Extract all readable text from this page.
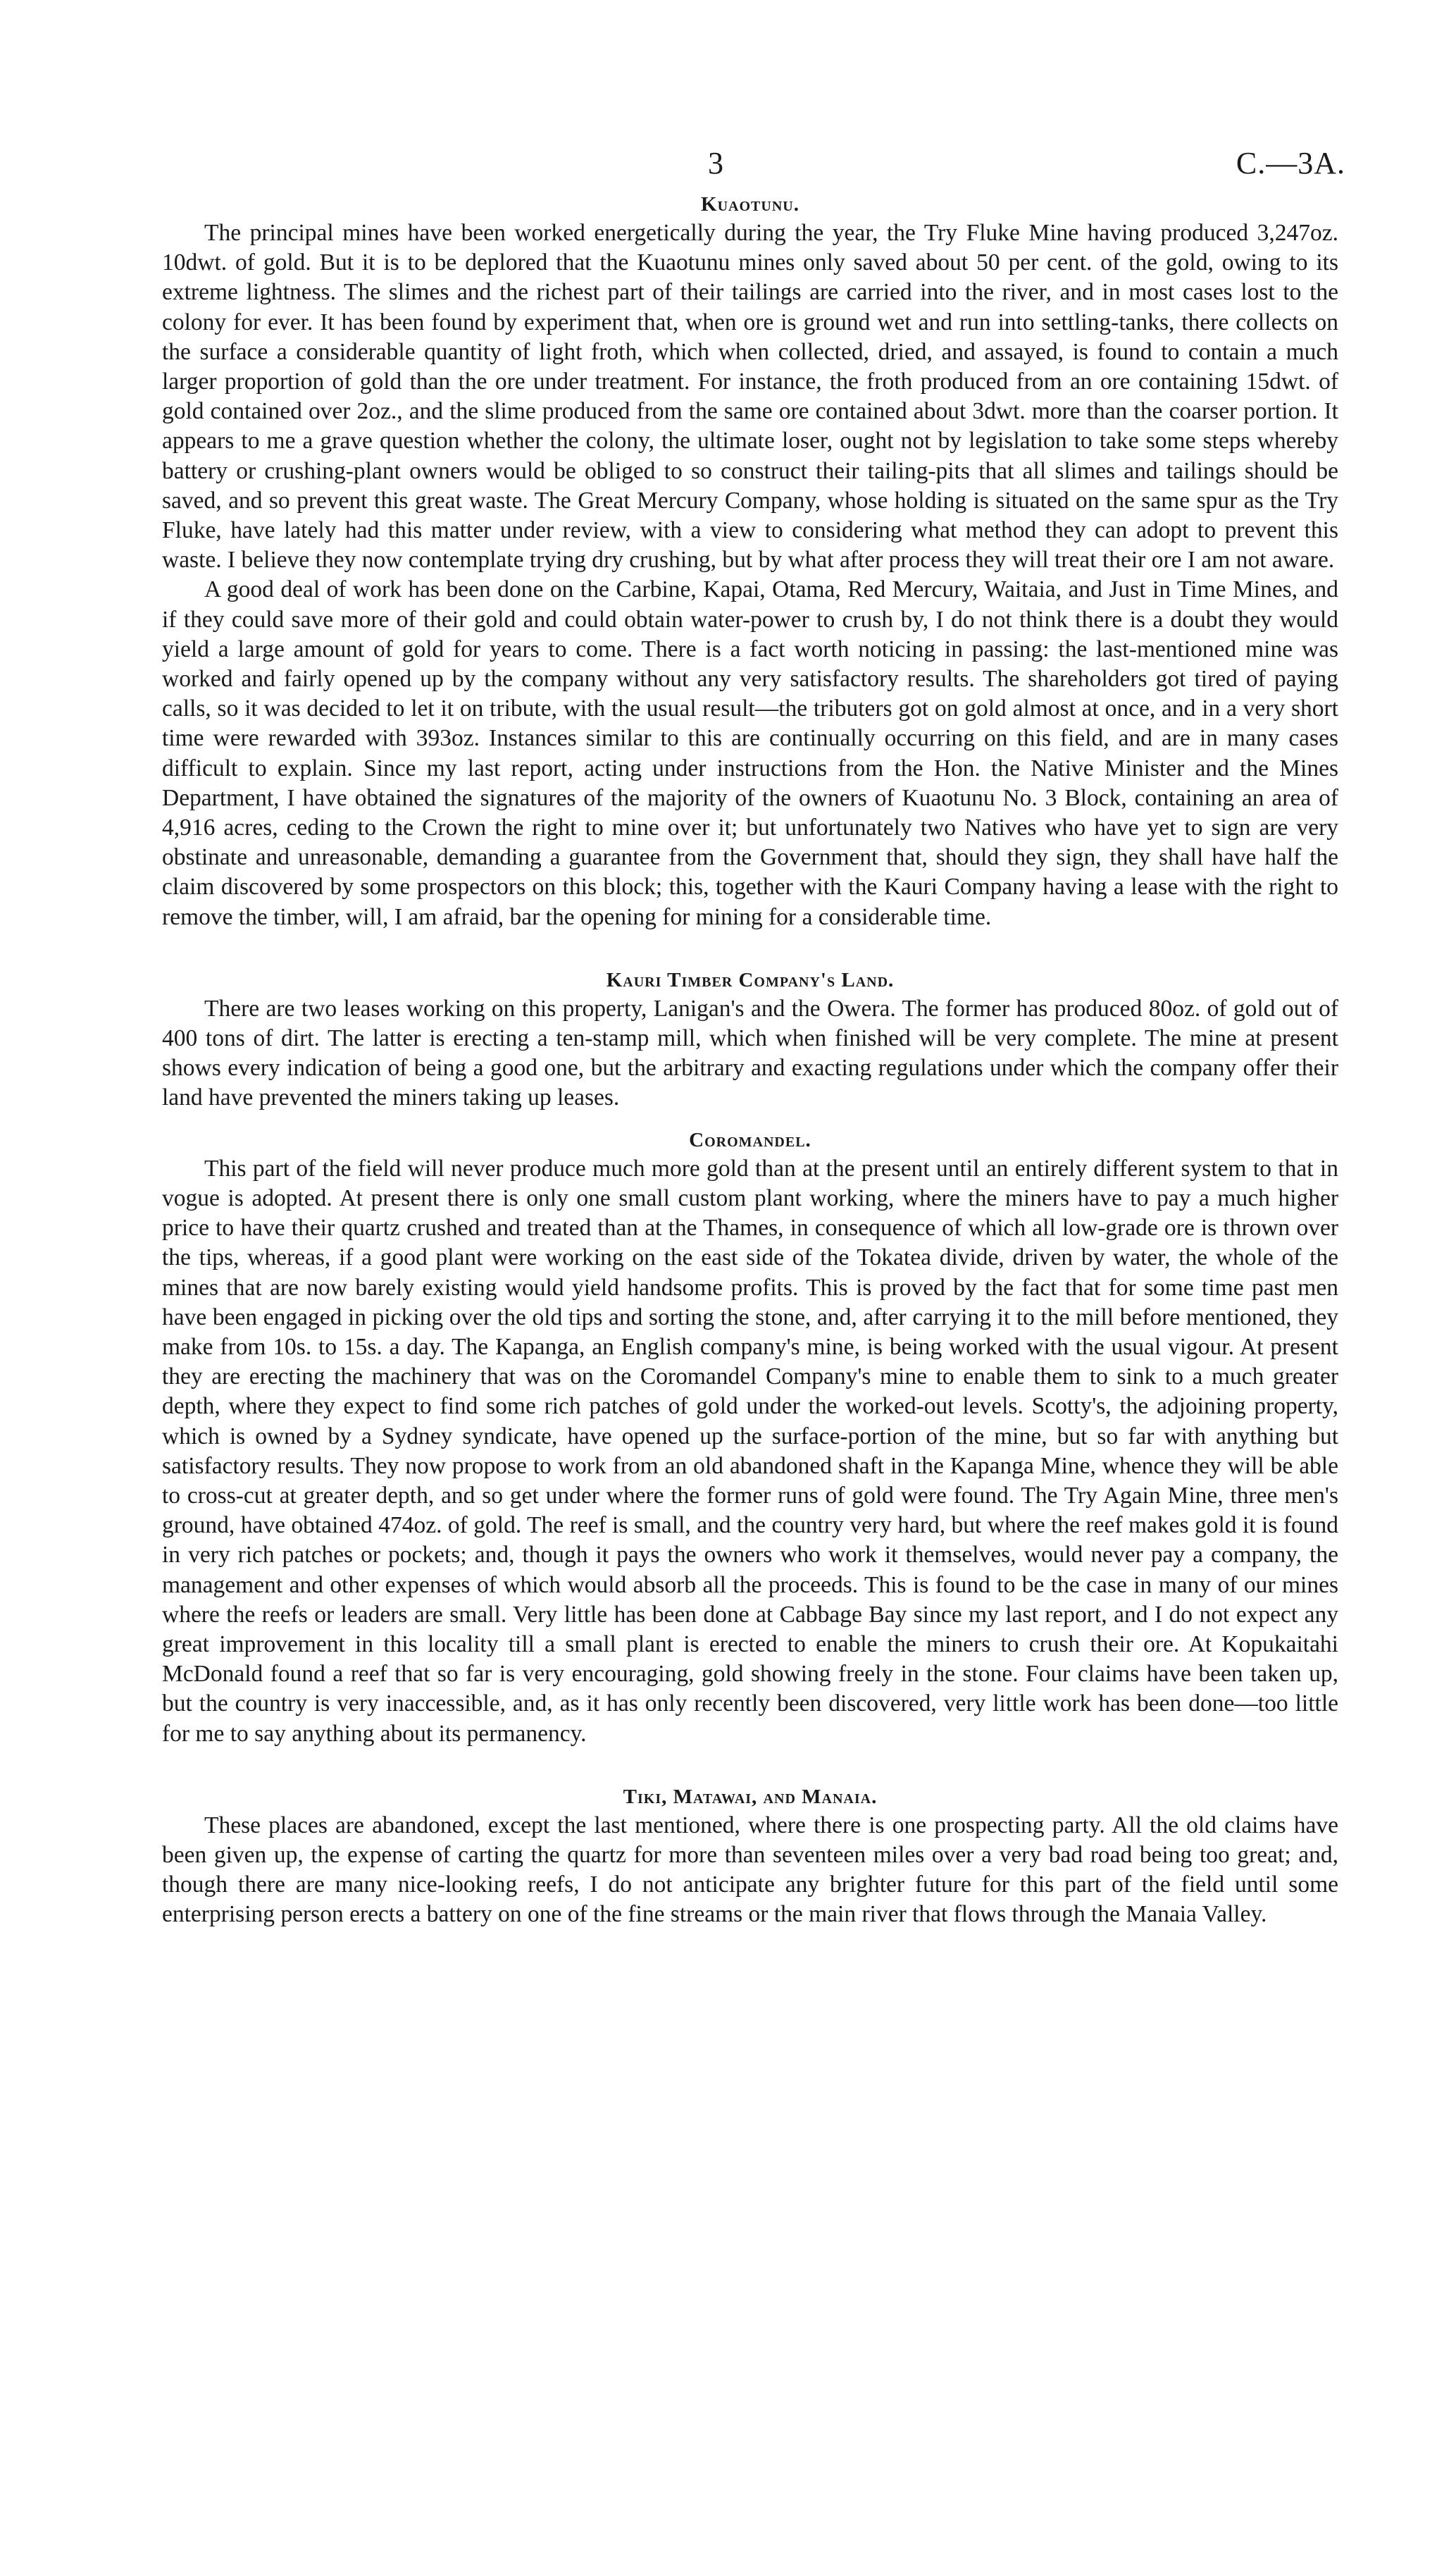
3	C.—3A.
Kuaotunu.

The principal mines have been worked energetically during the year, the Try Fluke Mine having produced 3,247oz. 10dwt. of gold. But it is to be deplored that the Kuaotunu mines only saved about 50 per cent. of the gold, owing to its extreme lightness. The slimes and the richest part of their tailings are carried into the river, and in most cases lost to the colony for ever. It has been found by experiment that, when ore is ground wet and run into settling-tanks, there collects on the surface a considerable quantity of light froth, which when collected, dried, and assayed, is found to contain a much larger proportion of gold than the ore under treatment. For instance, the froth produced from an ore containing 15dwt. of gold contained over 2oz., and the slime produced from the same ore contained about 3dwt. more than the coarser portion. It appears to me a grave question whether the colony, the ultimate loser, ought not by legislation to take some steps whereby battery or crushing-plant owners would be obliged to so construct their tailing-pits that all slimes and tailings should be saved, and so prevent this great waste. The Great Mercury Company, whose holding is situated on the same spur as the Try Fluke, have lately had this matter under review, with a view to considering what method they can adopt to prevent this waste. I believe they now contemplate trying dry crushing, but by what after process they will treat their ore I am not aware.

A good deal of work has been done on the Carbine, Kapai, Otama, Red Mercury, Waitaia, and Just in Time Mines, and if they could save more of their gold and could obtain water-power to crush by, I do not think there is a doubt they would yield a large amount of gold for years to come. There is a fact worth noticing in passing: the last-mentioned mine was worked and fairly opened up by the company without any very satisfactory results. The shareholders got tired of paying calls, so it was decided to let it on tribute, with the usual result—the tributers got on gold almost at once, and in a very short time were rewarded with 393oz. Instances similar to this are continually occurring on this field, and are in many cases difficult to explain. Since my last report, acting under instructions from the Hon. the Native Minister and the Mines Department, I have obtained the signatures of the majority of the owners of Kuaotunu No. 3 Block, containing an area of 4,916 acres, ceding to the Crown the right to mine over it; but unfortunately two Natives who have yet to sign are very obstinate and unreasonable, demanding a guarantee from the Government that, should they sign, they shall have half the claim discovered by some prospectors on this block; this, together with the Kauri Company having a lease with the right to remove the timber, will, I am afraid, bar the opening for mining for a considerable time.

Kauri Timber Company's Land.

There are two leases working on this property, Lanigan's and the Owera. The former has produced 80oz. of gold out of 400 tons of dirt. The latter is erecting a ten-stamp mill, which when finished will be very complete. The mine at present shows every indication of being a good one, but the arbitrary and exacting regulations under which the company offer their land have prevented the miners taking up leases.

Coromandel.

This part of the field will never produce much more gold than at the present until an entirely different system to that in vogue is adopted. At present there is only one small custom plant working, where the miners have to pay a much higher price to have their quartz crushed and treated than at the Thames, in consequence of which all low-grade ore is thrown over the tips, whereas, if a good plant were working on the east side of the Tokatea divide, driven by water, the whole of the mines that are now barely existing would yield handsome profits. This is proved by the fact that for some time past men have been engaged in picking over the old tips and sorting the stone, and, after carrying it to the mill before mentioned, they make from 10s. to 15s. a day. The Kapanga, an English company's mine, is being worked with the usual vigour. At present they are erecting the machinery that was on the Coromandel Company's mine to enable them to sink to a much greater depth, where they expect to find some rich patches of gold under the worked-out levels. Scotty's, the adjoining property, which is owned by a Sydney syndicate, have opened up the surface-portion of the mine, but so far with anything but satisfactory results. They now propose to work from an old abandoned shaft in the Kapanga Mine, whence they will be able to cross-cut at greater depth, and so get under where the former runs of gold were found. The Try Again Mine, three men's ground, have obtained 474oz. of gold. The reef is small, and the country very hard, but where the reef makes gold it is found in very rich patches or pockets; and, though it pays the owners who work it themselves, would never pay a company, the management and other expenses of which would absorb all the proceeds. This is found to be the case in many of our mines where the reefs or leaders are small. Very little has been done at Cabbage Bay since my last report, and I do not expect any great improvement in this locality till a small plant is erected to enable the miners to crush their ore. At Kopukaitahi McDonald found a reef that so far is very encouraging, gold showing freely in the stone. Four claims have been taken up, but the country is very inaccessible, and, as it has only recently been discovered, very little work has been done—too little for me to say anything about its permanency.

Tiki, Matawai, and Manaia.

These places are abandoned, except the last mentioned, where there is one prospecting party. All the old claims have been given up, the expense of carting the quartz for more than seventeen miles over a very bad road being too great; and, though there are many nice-looking reefs, I do not anticipate any brighter future for this part of the field until some enterprising person erects a battery on one of the fine streams or the main river that flows through the Manaia Valley.
